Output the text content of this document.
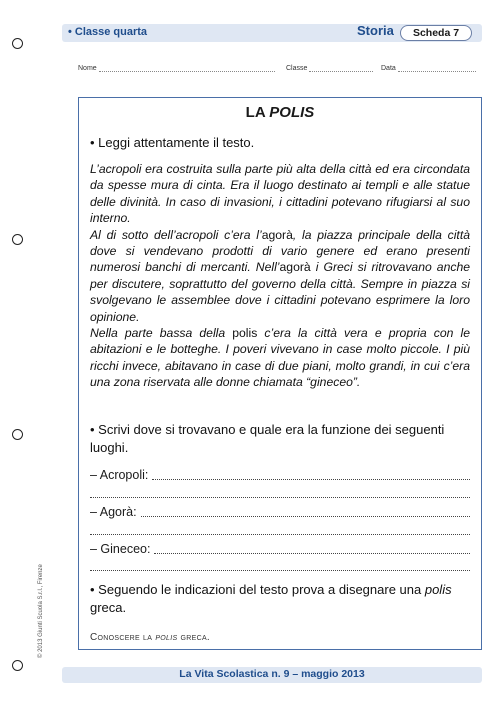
• Classe quarta	Storia	Scheda 7
Nome	Classe	Data
LA POLIS
• Leggi attentamente il testo.

L’acropoli era costruita sulla parte più alta della città ed era circondata da spesse mura di cinta. Era il luogo destinato ai templi e alle statue delle divinità. In caso di invasioni, i cittadini potevano rifugiarsi al suo interno.

Al di sotto dell’acropoli c’era l’agorà, la piazza principale della città dove si vendevano prodotti di vario genere ed erano presenti numerosi banchi di mercanti. Nell’agorà i Greci si ritrovavano anche per discutere, soprattutto del governo della città. Sempre in piazza si svolgevano le assemblee dove i cittadini potevano esprimere la loro opinione.

Nella parte bassa della polis c’era la città vera e propria con le abitazioni e le botteghe. I poveri vivevano in case molto piccole. I più ricchi invece, abitavano in case di due piani, molto grandi, in cui c’era una zona riservata alle donne chiamata “gineceo”.

• Scrivi dove si trovavano e quale era la funzione dei seguenti luoghi.
– Acropoli:
– Agorà:
– Gineceo:
• Seguendo le indicazioni del testo prova a disegnare una polis greca.
Conoscere la polis greca.
© 2013 Giunti Scuola S.r.l., Firenze
La Vita Scolastica n. 9 – maggio 2013
